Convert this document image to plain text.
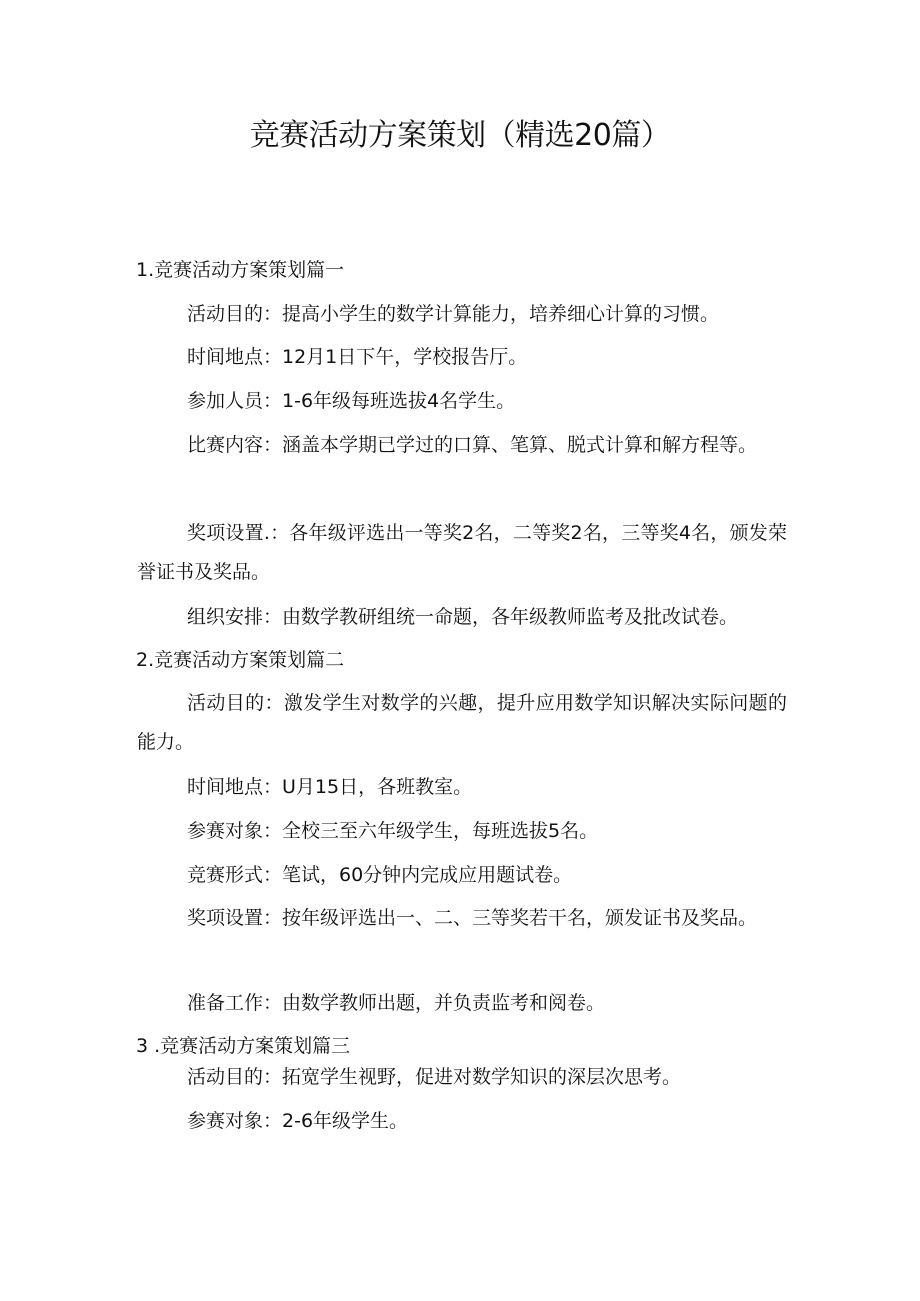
竞赛活动方案策划（精选20篇）
1.竞赛活动方案策划篇一

活动目的：提高小学生的数学计算能力，培养细心计算的习惯。

时间地点：12月1日下午，学校报告厅。

参加人员：1-6年级每班选拔4名学生。

比赛内容：涵盖本学期已学过的口算、笔算、脱式计算和解方程等。

奖项设置.：各年级评选出一等奖2名，二等奖2名，三等奖4名，颁发荣誉证书及奖品。

组织安排：由数学教研组统一命题，各年级教师监考及批改试卷。

2.竞赛活动方案策划篇二

活动目的：激发学生对数学的兴趣，提升应用数学知识解决实际问题的能力。

时间地点：U月15日，各班教室。

参赛对象：全校三至六年级学生，每班选拔5名。

竞赛形式：笔试，60分钟内完成应用题试卷。

奖项设置：按年级评选出一、二、三等奖若干名，颁发证书及奖品。

准备工作：由数学教师出题，并负责监考和阅卷。

3 .竞赛活动方案策划篇三

活动目的：拓宽学生视野，促进对数学知识的深层次思考。

参赛对象：2-6年级学生。
